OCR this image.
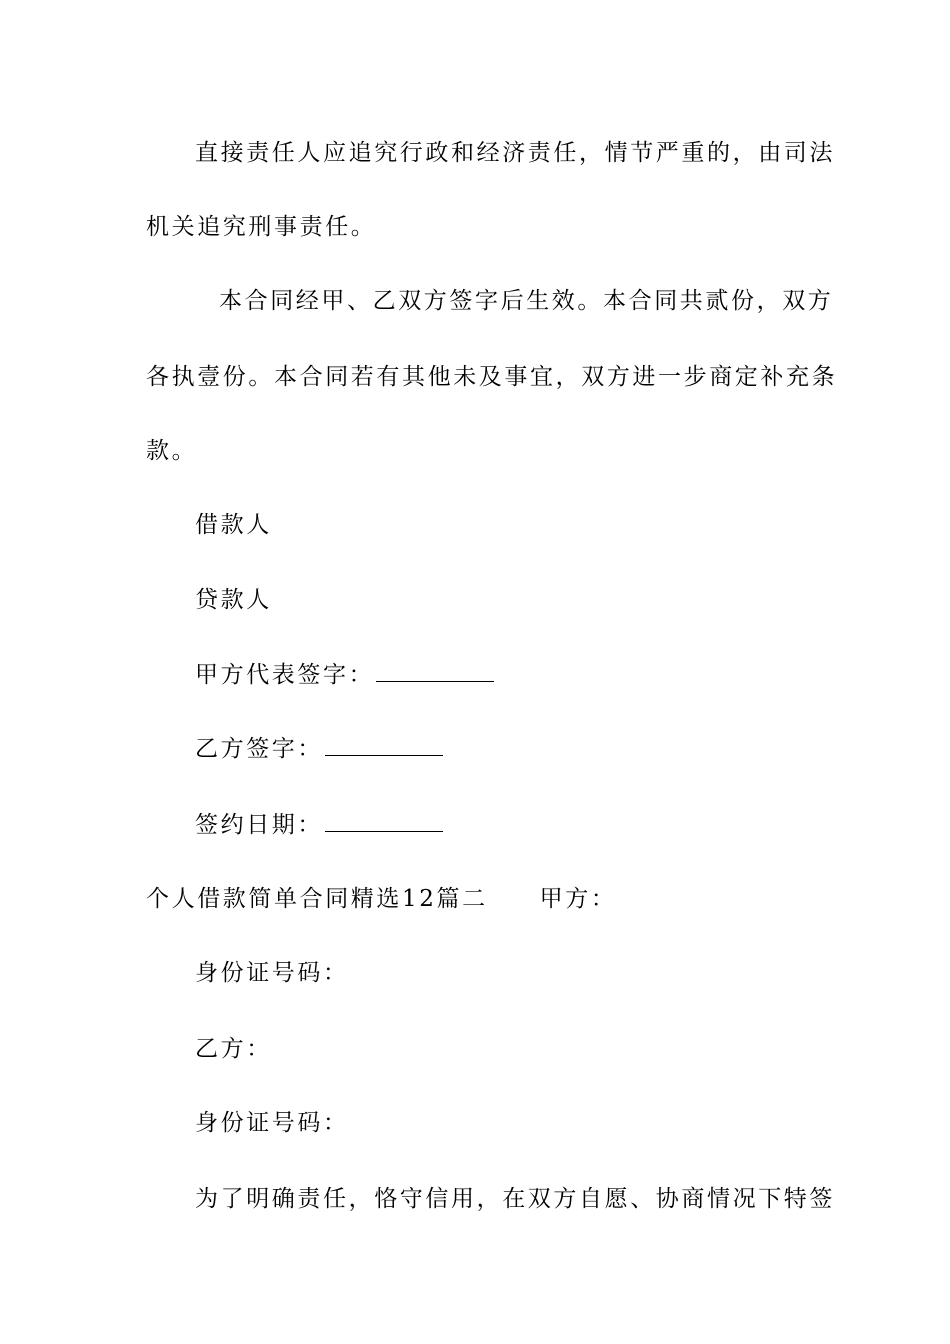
直接责任人应追究行政和经济责任，情节严重的，由司法
机关追究刑事责任。
本合同经甲、乙双方签字后生效。本合同共贰份，双方
各执壹份。本合同若有其他未及事宜，双方进一步商定补充条
款。
借款人
贷款人
甲方代表签字：
乙方签字：
签约日期：
个人借款简单合同精选12篇二 甲方：
身份证号码：
乙方：
身份证号码：
为了明确责任，恪守信用，在双方自愿、协商情况下特签
